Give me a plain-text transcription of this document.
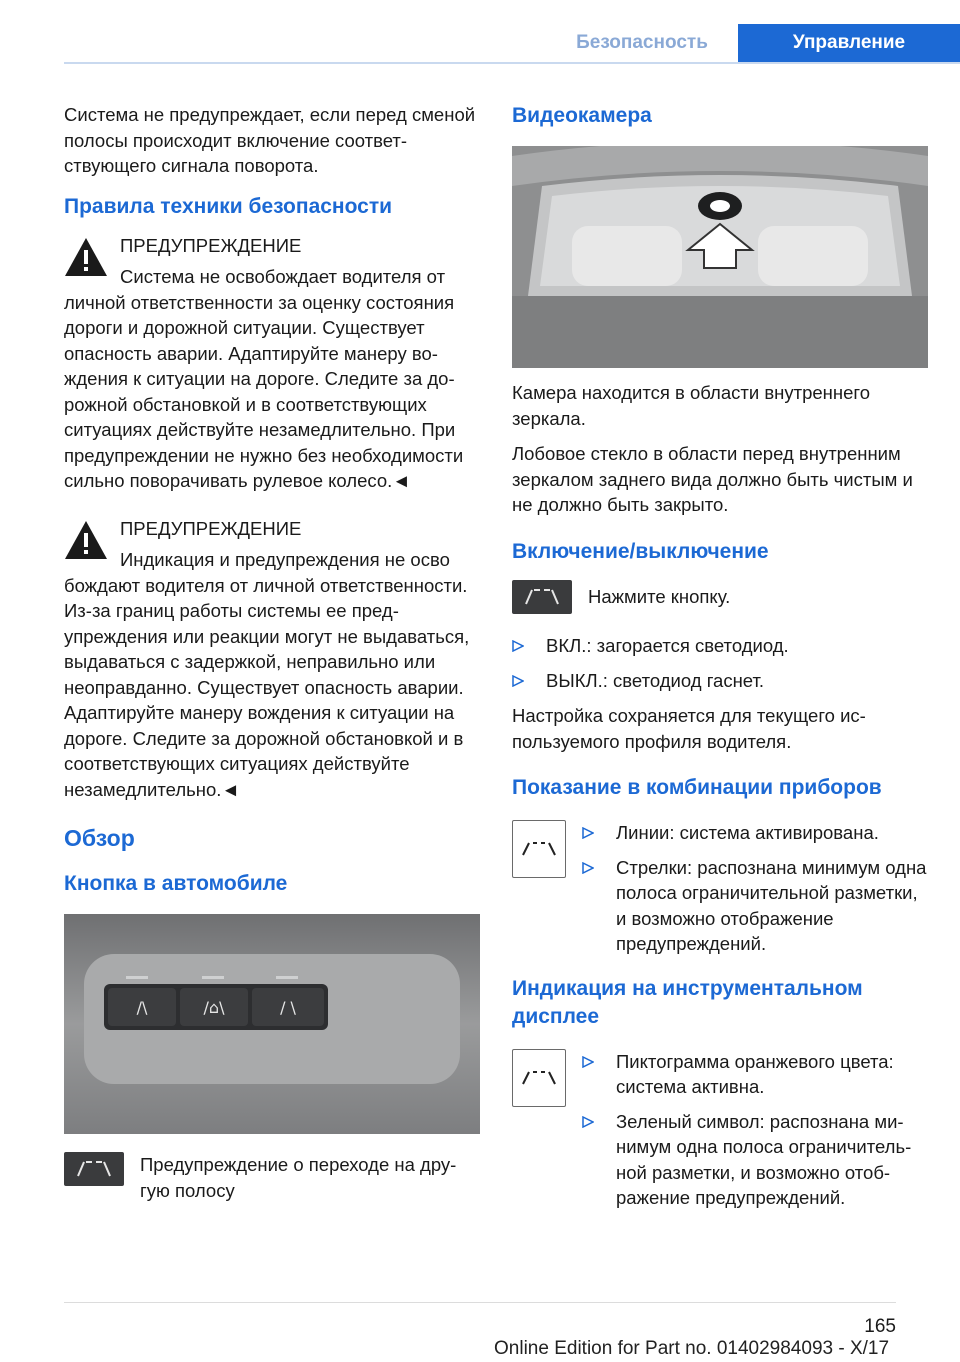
Безопасность	Управление

Система не предупреждает, если перед сменой полосы происходит включение соответствующего сигнала поворота.

Правила техники безопасности
ПРЕДУПРЕЖДЕНИЕ
Система не освобождает водителя от
личной ответственности за оценку состояния дороги и дорожной ситуации. Существует опасность аварии. Адаптируйте манеру вождения к ситуации на дороге. Следите за дорожной обстановкой и в соответствующих ситуациях действуйте незамедлительно. При предупреждении не нужно без необходимости сильно поворачивать рулевое колесо.◄
ПРЕДУПРЕЖДЕНИЕ
Индикация и предупреждения не осво
бождают водителя от личной ответственности. Из-за границ работы системы ее предупреждения или реакции могут не выдаваться, выдаваться с задержкой, неправильно или неоправданно. Существует опасность аварии. Адаптируйте манеру вождения к ситуации на дороге. Следите за дорожной обстановкой и в соответствующих ситуациях действуйте незамедлительно.◄
Обзор
Кнопка в автомобиле
/\	/⌂\	/ \
Предупреждение о переходе на другую полосу
Видеокамера

Камера находится в области внутреннего зеркала.

Лобовое стекло в области перед внутренним зеркалом заднего вида должно быть чистым и не должно быть закрыто.

Включение/выключение
Нажмите кнопку.
ВКЛ.: загорается светодиод.
ВЫКЛ.: светодиод гаснет.

Настройка сохраняется для текущего используемого профиля водителя.

Показание в комбинации приборов
Линии: система активирована.
Стрелки: распознана минимум одна полоса ограничительной разметки, и возможно отображение предупреждений.
Индикация на инструментальном дисплее
Пиктограмма оранжевого цвета: система активна.
Зеленый символ: распознана минимум одна полоса ограничительной разметки, и возможно отображение предупреждений.
165
Online Edition for Part no. 01402984093 - X/17
